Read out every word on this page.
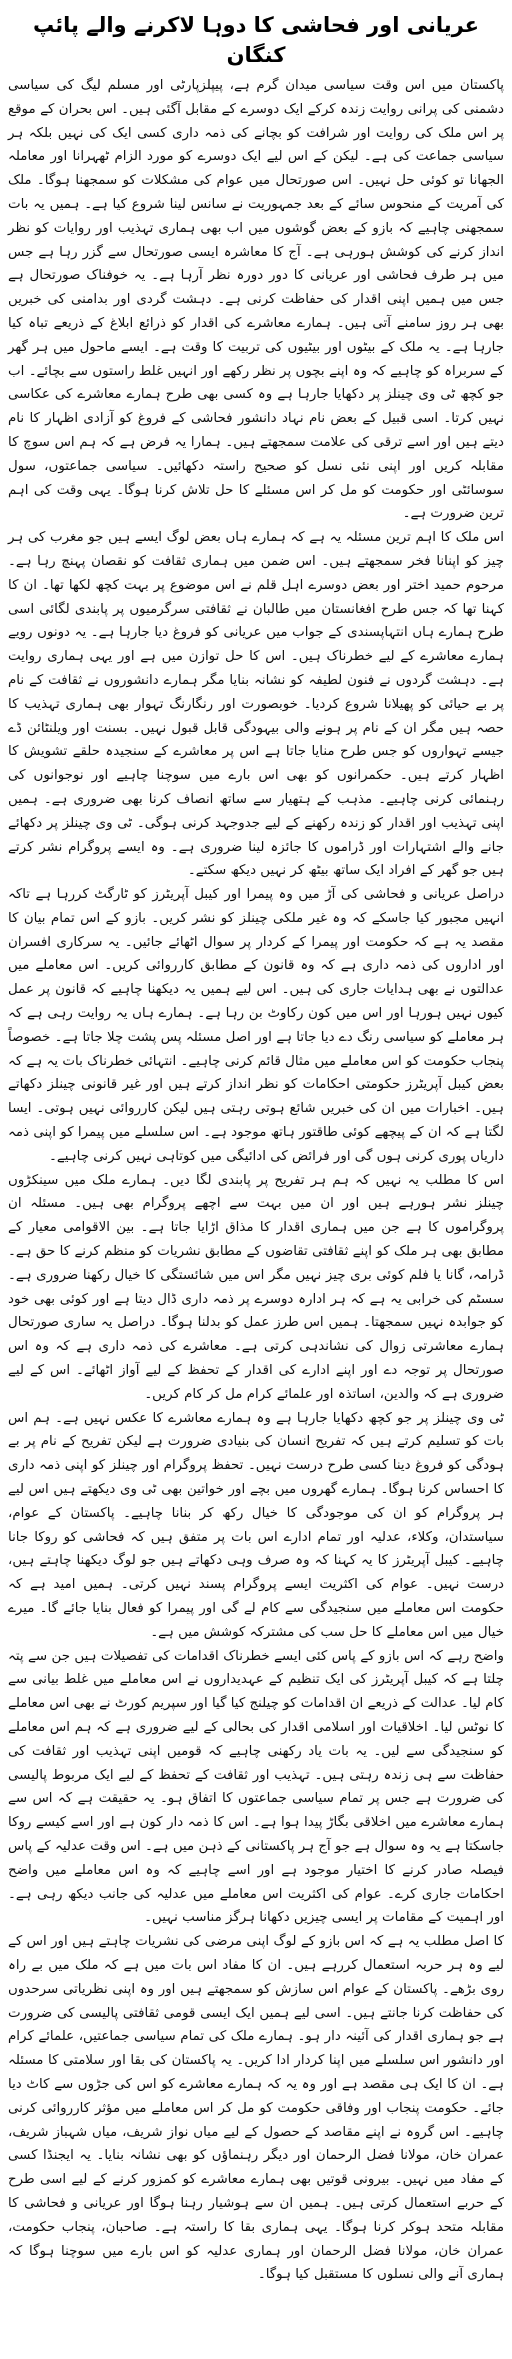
عریانی اور فحاشی کا دوہا لاکرنے والے پائپ کنگان

پاکستان میں اس وقت سیاسی میدان گرم ہے، پیپلزپارٹی اور مسلم لیگ کی سیاسی دشمنی کی پرانی روایت زندہ کرکے ایک دوسرے کے مقابل آگئی ہیں۔ اس بحران کے موقع پر اس ملک کی روایت اور شرافت کو بچانے کی ذمہ داری کسی ایک کی نہیں بلکہ ہر سیاسی جماعت کی ہے۔ لیکن کے اس لیے ایک دوسرے کو مورد الزام ٹھہرانا اور معاملہ الجھانا تو کوئی حل نہیں۔ اس صورتحال میں عوام کی مشکلات کو سمجھنا ہوگا۔ ملک کی آمریت کے منحوس سائے کے بعد جمہوریت نے سانس لینا شروع کیا ہے۔ ہمیں یہ بات سمجھنی چاہیے کہ بازو کے بعض گوشوں میں اب بھی ہماری تہذیب اور روایات کو نظر انداز کرنے کی کوشش ہورہی ہے۔ آج کا معاشرہ ایسی صورتحال سے گزر رہا ہے جس میں ہر طرف فحاشی اور عریانی کا دور دورہ نظر آرہا ہے۔ یہ خوفناک صورتحال ہے جس میں ہمیں اپنی اقدار کی حفاظت کرنی ہے۔ دہشت گردی اور بدامنی کی خبریں بھی ہر روز سامنے آتی ہیں۔ ہمارے معاشرے کی اقدار کو ذرائع ابلاغ کے ذریعے تباہ کیا جارہا ہے۔ یہ ملک کے بیٹوں اور بیٹیوں کی تربیت کا وقت ہے۔ ایسے ماحول میں ہر گھر کے سربراہ کو چاہیے کہ وہ اپنے بچوں پر نظر رکھے اور انہیں غلط راستوں سے بچائے۔ اب جو کچھ ٹی وی چینلز پر دکھایا جارہا ہے وہ کسی بھی طرح ہمارے معاشرے کی عکاسی نہیں کرتا۔ اسی قبیل کے بعض نام نہاد دانشور فحاشی کے فروغ کو آزادی اظہار کا نام دیتے ہیں اور اسے ترقی کی علامت سمجھتے ہیں۔ ہمارا یہ فرض ہے کہ ہم اس سوچ کا مقابلہ کریں اور اپنی نئی نسل کو صحیح راستہ دکھائیں۔ سیاسی جماعتوں، سول سوسائٹی اور حکومت کو مل کر اس مسئلے کا حل تلاش کرنا ہوگا۔ یہی وقت کی اہم ترین ضرورت ہے۔

اس ملک کا اہم ترین مسئلہ یہ ہے کہ ہمارے ہاں بعض لوگ ایسے ہیں جو مغرب کی ہر چیز کو اپنانا فخر سمجھتے ہیں۔ اس ضمن میں ہماری ثقافت کو نقصان پہنچ رہا ہے۔ مرحوم حمید اختر اور بعض دوسرے اہل قلم نے اس موضوع پر بہت کچھ لکھا تھا۔ ان کا کہنا تھا کہ جس طرح افغانستان میں طالبان نے ثقافتی سرگرمیوں پر پابندی لگائی اسی طرح ہمارے ہاں انتہاپسندی کے جواب میں عریانی کو فروغ دیا جارہا ہے۔ یہ دونوں رویے ہمارے معاشرے کے لیے خطرناک ہیں۔ اس کا حل توازن میں ہے اور یہی ہماری روایت ہے۔ دہشت گردوں نے فنون لطیفہ کو نشانہ بنایا مگر ہمارے دانشوروں نے ثقافت کے نام پر بے حیائی کو پھیلانا شروع کردیا۔ خوبصورت اور رنگارنگ تہوار بھی ہماری تہذیب کا حصہ ہیں مگر ان کے نام پر ہونے والی بیہودگی قابل قبول نہیں۔ بسنت اور ویلنٹائن ڈے جیسے تہواروں کو جس طرح منایا جاتا ہے اس پر معاشرے کے سنجیدہ حلقے تشویش کا اظہار کرتے ہیں۔ حکمرانوں کو بھی اس بارے میں سوچنا چاہیے اور نوجوانوں کی رہنمائی کرنی چاہیے۔ مذہب کے ہتھیار سے ساتھ انصاف کرنا بھی ضروری ہے۔ ہمیں اپنی تہذیب اور اقدار کو زندہ رکھنے کے لیے جدوجہد کرنی ہوگی۔ ٹی وی چینلز پر دکھائے جانے والے اشتہارات اور ڈراموں کا جائزہ لینا ضروری ہے۔ وہ ایسے پروگرام نشر کرتے ہیں جو گھر کے افراد ایک ساتھ بیٹھ کر نہیں دیکھ سکتے۔

دراصل عریانی و فحاشی کی آڑ میں وہ پیمرا اور کیبل آپریٹرز کو ٹارگٹ کررہا ہے تاکہ انہیں مجبور کیا جاسکے کہ وہ غیر ملکی چینلز کو نشر کریں۔ بازو کے اس تمام بیان کا مقصد یہ ہے کہ حکومت اور پیمرا کے کردار پر سوال اٹھائے جائیں۔ یہ سرکاری افسران اور اداروں کی ذمہ داری ہے کہ وہ قانون کے مطابق کارروائی کریں۔ اس معاملے میں عدالتوں نے بھی ہدایات جاری کی ہیں۔ اس لیے ہمیں یہ دیکھنا چاہیے کہ قانون پر عمل کیوں نہیں ہورہا اور اس میں کون رکاوٹ بن رہا ہے۔ ہمارے ہاں یہ روایت رہی ہے کہ ہر معاملے کو سیاسی رنگ دے دیا جاتا ہے اور اصل مسئلہ پس پشت چلا جاتا ہے۔ خصوصاً پنجاب حکومت کو اس معاملے میں مثال قائم کرنی چاہیے۔ انتہائی خطرناک بات یہ ہے کہ بعض کیبل آپریٹرز حکومتی احکامات کو نظر انداز کرتے ہیں اور غیر قانونی چینلز دکھاتے ہیں۔ اخبارات میں ان کی خبریں شائع ہوتی رہتی ہیں لیکن کارروائی نہیں ہوتی۔ ایسا لگتا ہے کہ ان کے پیچھے کوئی طاقتور ہاتھ موجود ہے۔ اس سلسلے میں پیمرا کو اپنی ذمہ داریاں پوری کرنی ہوں گی اور فرائض کی ادائیگی میں کوتاہی نہیں کرنی چاہیے۔

اس کا مطلب یہ نہیں کہ ہم ہر تفریح پر پابندی لگا دیں۔ ہمارے ملک میں سینکڑوں چینلز نشر ہورہے ہیں اور ان میں بہت سے اچھے پروگرام بھی ہیں۔ مسئلہ ان پروگراموں کا ہے جن میں ہماری اقدار کا مذاق اڑایا جاتا ہے۔ بین الاقوامی معیار کے مطابق بھی ہر ملک کو اپنے ثقافتی تقاضوں کے مطابق نشریات کو منظم کرنے کا حق ہے۔ ڈرامہ، گانا یا فلم کوئی بری چیز نہیں مگر اس میں شائستگی کا خیال رکھنا ضروری ہے۔ سسٹم کی خرابی یہ ہے کہ ہر ادارہ دوسرے پر ذمہ داری ڈال دیتا ہے اور کوئی بھی خود کو جوابدہ نہیں سمجھتا۔ ہمیں اس طرز عمل کو بدلنا ہوگا۔ دراصل یہ ساری صورتحال ہمارے معاشرتی زوال کی نشاندہی کرتی ہے۔ معاشرے کی ذمہ داری ہے کہ وہ اس صورتحال پر توجہ دے اور اپنے ادارے کی اقدار کے تحفظ کے لیے آواز اٹھائے۔ اس کے لیے ضروری ہے کہ والدین، اساتذہ اور علمائے کرام مل کر کام کریں۔

ٹی وی چینلز پر جو کچھ دکھایا جارہا ہے وہ ہمارے معاشرے کا عکس نہیں ہے۔ ہم اس بات کو تسلیم کرتے ہیں کہ تفریح انسان کی بنیادی ضرورت ہے لیکن تفریح کے نام پر بے ہودگی کو فروغ دینا کسی طرح درست نہیں۔ تحفظ پروگرام اور چینلز کو اپنی ذمہ داری کا احساس کرنا ہوگا۔ ہمارے گھروں میں بچے اور خواتین بھی ٹی وی دیکھتے ہیں اس لیے ہر پروگرام کو ان کی موجودگی کا خیال رکھ کر بنانا چاہیے۔ پاکستان کے عوام، سیاستدان، وکلاء، عدلیہ اور تمام ادارے اس بات پر متفق ہیں کہ فحاشی کو روکا جانا چاہیے۔ کیبل آپریٹرز کا یہ کہنا کہ وہ صرف وہی دکھاتے ہیں جو لوگ دیکھنا چاہتے ہیں، درست نہیں۔ عوام کی اکثریت ایسے پروگرام پسند نہیں کرتی۔ ہمیں امید ہے کہ حکومت اس معاملے میں سنجیدگی سے کام لے گی اور پیمرا کو فعال بنایا جائے گا۔ میرے خیال میں اس معاملے کا حل سب کی مشترکہ کوشش میں ہے۔

واضح رہے کہ اس بازو کے پاس کئی ایسے خطرناک اقدامات کی تفصیلات ہیں جن سے پتہ چلتا ہے کہ کیبل آپریٹرز کی ایک تنظیم کے عہدیداروں نے اس معاملے میں غلط بیانی سے کام لیا۔ عدالت کے ذریعے ان اقدامات کو چیلنج کیا گیا اور سپریم کورٹ نے بھی اس معاملے کا نوٹس لیا۔ اخلاقیات اور اسلامی اقدار کی بحالی کے لیے ضروری ہے کہ ہم اس معاملے کو سنجیدگی سے لیں۔ یہ بات یاد رکھنی چاہیے کہ قومیں اپنی تہذیب اور ثقافت کی حفاظت سے ہی زندہ رہتی ہیں۔ تہذیب اور ثقافت کے تحفظ کے لیے ایک مربوط پالیسی کی ضرورت ہے جس پر تمام سیاسی جماعتوں کا اتفاق ہو۔ یہ حقیقت ہے کہ اس سے ہمارے معاشرے میں اخلاقی بگاڑ پیدا ہوا ہے۔ اس کا ذمہ دار کون ہے اور اسے کیسے روکا جاسکتا ہے یہ وہ سوال ہے جو آج ہر پاکستانی کے ذہن میں ہے۔ اس وقت عدلیہ کے پاس فیصلہ صادر کرنے کا اختیار موجود ہے اور اسے چاہیے کہ وہ اس معاملے میں واضح احکامات جاری کرے۔ عوام کی اکثریت اس معاملے میں عدلیہ کی جانب دیکھ رہی ہے۔ اور اہمیت کے مقامات پر ایسی چیزیں دکھانا ہرگز مناسب نہیں۔

کا اصل مطلب یہ ہے کہ اس بازو کے لوگ اپنی مرضی کی نشریات چاہتے ہیں اور اس کے لیے وہ ہر حربہ استعمال کررہے ہیں۔ ان کا مفاد اس بات میں ہے کہ ملک میں بے راہ روی بڑھے۔ پاکستان کے عوام اس سازش کو سمجھتے ہیں اور وہ اپنی نظریاتی سرحدوں کی حفاظت کرنا جانتے ہیں۔ اسی لیے ہمیں ایک ایسی قومی ثقافتی پالیسی کی ضرورت ہے جو ہماری اقدار کی آئینہ دار ہو۔ ہمارے ملک کی تمام سیاسی جماعتیں، علمائے کرام اور دانشور اس سلسلے میں اپنا کردار ادا کریں۔ یہ پاکستان کی بقا اور سلامتی کا مسئلہ ہے۔ ان کا ایک ہی مقصد ہے اور وہ یہ کہ ہمارے معاشرے کو اس کی جڑوں سے کاٹ دیا جائے۔ حکومت پنجاب اور وفاقی حکومت کو مل کر اس معاملے میں مؤثر کارروائی کرنی چاہیے۔ اس گروہ نے اپنے مقاصد کے حصول کے لیے میاں نواز شریف، میاں شہباز شریف، عمران خان، مولانا فضل الرحمان اور دیگر رہنماؤں کو بھی نشانہ بنایا۔ یہ ایجنڈا کسی کے مفاد میں نہیں۔ بیرونی قوتیں بھی ہمارے معاشرے کو کمزور کرنے کے لیے اسی طرح کے حربے استعمال کرتی ہیں۔ ہمیں ان سے ہوشیار رہنا ہوگا اور عریانی و فحاشی کا مقابلہ متحد ہوکر کرنا ہوگا۔ یہی ہماری بقا کا راستہ ہے۔ صاحبان، پنجاب حکومت، عمران خان، مولانا فضل الرحمان اور ہماری عدلیہ کو اس بارے میں سوچنا ہوگا کہ ہماری آنے والی نسلوں کا مستقبل کیا ہوگا۔
